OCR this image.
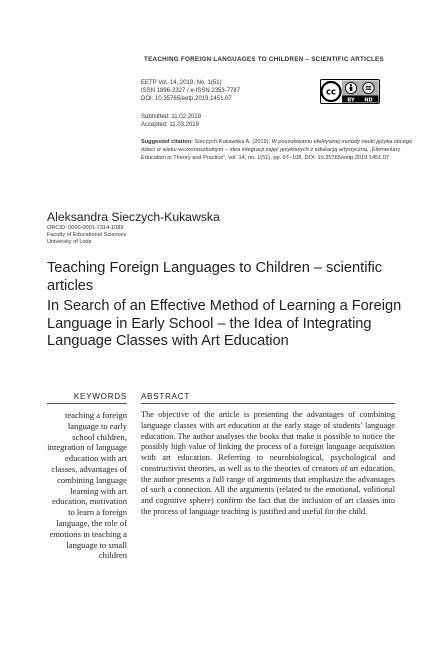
TEACHING FOREIGN LANGUAGES TO CHILDREN – SCIENTIFIC ARTICLES
EETP Vol. 14, 2019, No. 1(51)
ISSN 1896-2327 / e-ISSN 2353-7787
DOI: 10.35765/eetp.2019.1451.07
Submitted: 11.02.2019
Accepted: 11.03.2019
Suggested citation: Sieczych-Kukawska A. (2019). W poszukiwaniu efektywnej metody nauki języka obcego dzieci w wieku wczesnoszkolnym – idea integracji zajęć językowych z edukacją artystyczną, „Elementary Education in Theory and Practice”, vol. 14, no. 1(51), pp. 97–108. DOI: 10.35765/eetp.2019.1451.07
cc
BY ND
Aleksandra Sieczych-Kukawska
ORCID: 0000-0001-7314-1089
Faculty of Educational Sciences
University of Lodz
Teaching Foreign Languages to Children – scientific articles
In Search of an Effective Method of Learning a Foreign Language in Early School – the Idea of Integrating Language Classes with Art Education
KEYWORDS ABSTRACT
teaching a foreign language to early school children, integration of language education with art classes, advantages of combining language learning with art education, motivation to learn a foreign language, the role of emotions in teaching a language to small children
The objective of the article is presenting the advantages of combining language classes with art education at the early stage of students’ language education. The author analyses the books that make it possible to notice the possibly high value of linking the process of a foreign language acquisition with art education. Referring to neurobiological, psychological and constructivist theories, as well as to the theories of creators of art education, the author presents a full range of arguments that emphasize the advantages of such a connection. All the arguments (related to the emotional, volitional and cognitive sphere) confirm the fact that the inclusion of art classes into the process of language teaching is justified and useful for the child.
